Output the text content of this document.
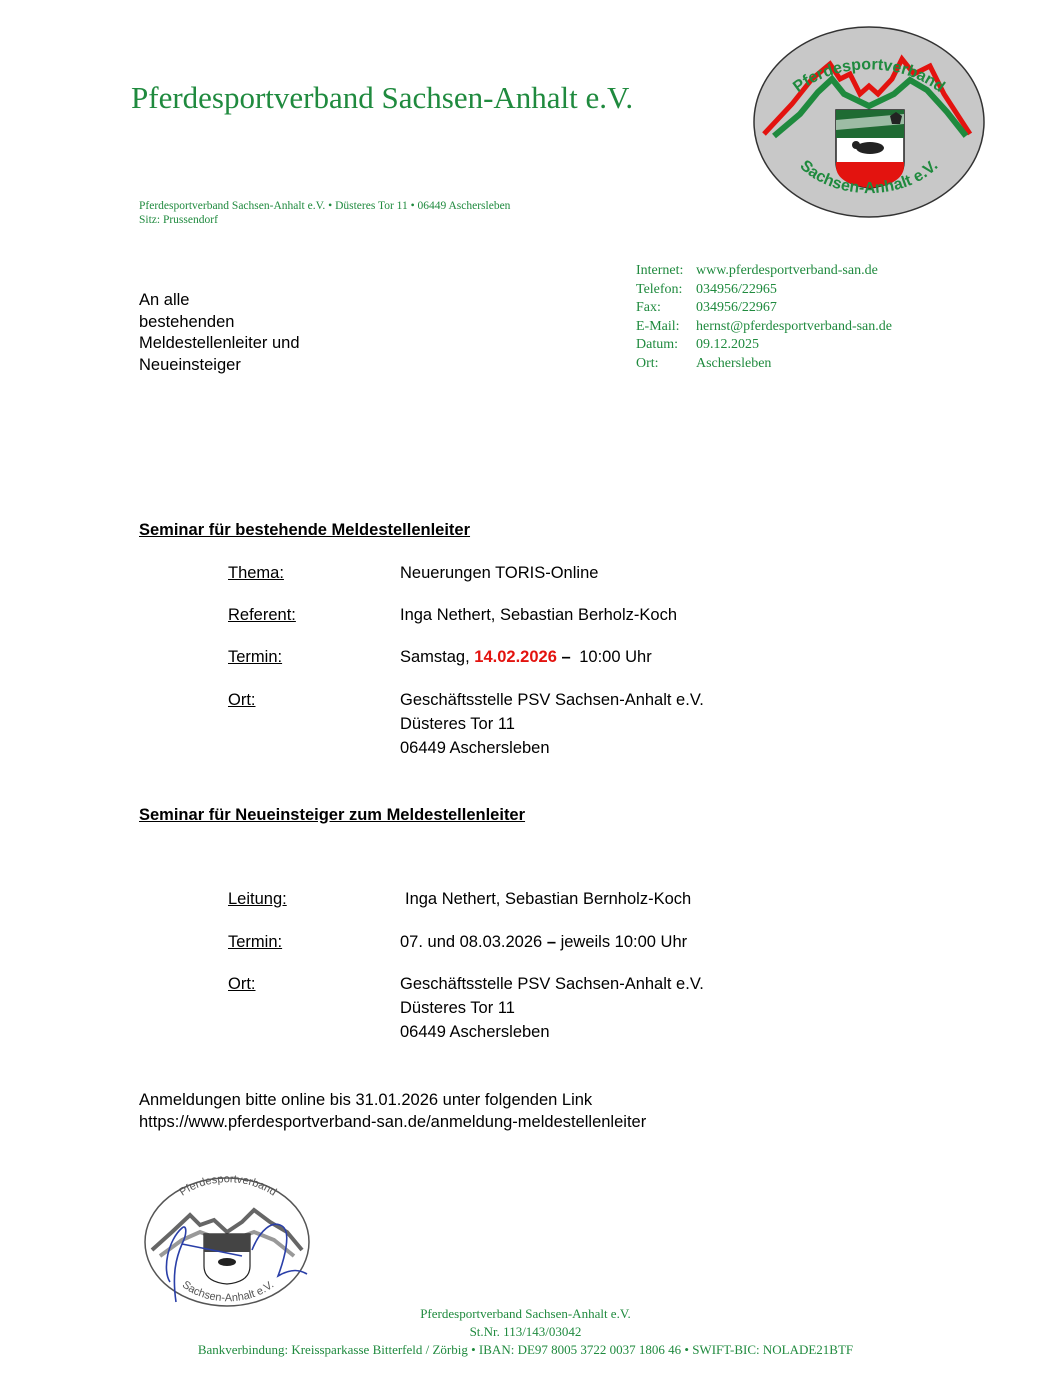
Pferdesportverband Sachsen-Anhalt e.V.
Pferdesportverband Sachsen-Anhalt e.V. • Düsteres Tor 11 • 06449 Aschersleben
Sitz: Prussendorf
Pferdesportverband
Sachsen-Anhalt e.V.
Internet: www.pferdesportverband-san.de
Telefon: 034956/22965
Fax:	034956/22967
E-Mail: hernst@pferdesportverband-san.de
Datum: 09.12.2025
Ort:	Aschersleben
An alle
bestehenden
Meldestellenleiter und
Neueinsteiger
Seminar für bestehende Meldestellenleiter
Thema:	Neuerungen TORIS-Online
Referent:	Inga Nethert, Sebastian Berholz-Koch
Termin:	Samstag, 14.02.2026 – 10:00 Uhr
Ort:	Geschäftsstelle PSV Sachsen-Anhalt e.V.
Düsteres Tor 11
06449 Aschersleben
Seminar für Neueinsteiger zum Meldestellenleiter
Leitung:	Inga Nethert, Sebastian Bernholz-Koch
Termin:	07. und 08.03.2026 – jeweils 10:00 Uhr
Ort:	Geschäftsstelle PSV Sachsen-Anhalt e.V.
Düsteres Tor 11
06449 Aschersleben
Anmeldungen bitte online bis 31.01.2026 unter folgenden Link
https://www.pferdesportverband-san.de/anmeldung-meldestellenleiter
Pferdesportverband
Sachsen-Anhalt e.V.
Pferdesportverband Sachsen-Anhalt e.V.
St.Nr. 113/143/03042
Bankverbindung: Kreissparkasse Bitterfeld / Zörbig • IBAN: DE97 8005 3722 0037 1806 46 • SWIFT-BIC: NOLADE21BTF
